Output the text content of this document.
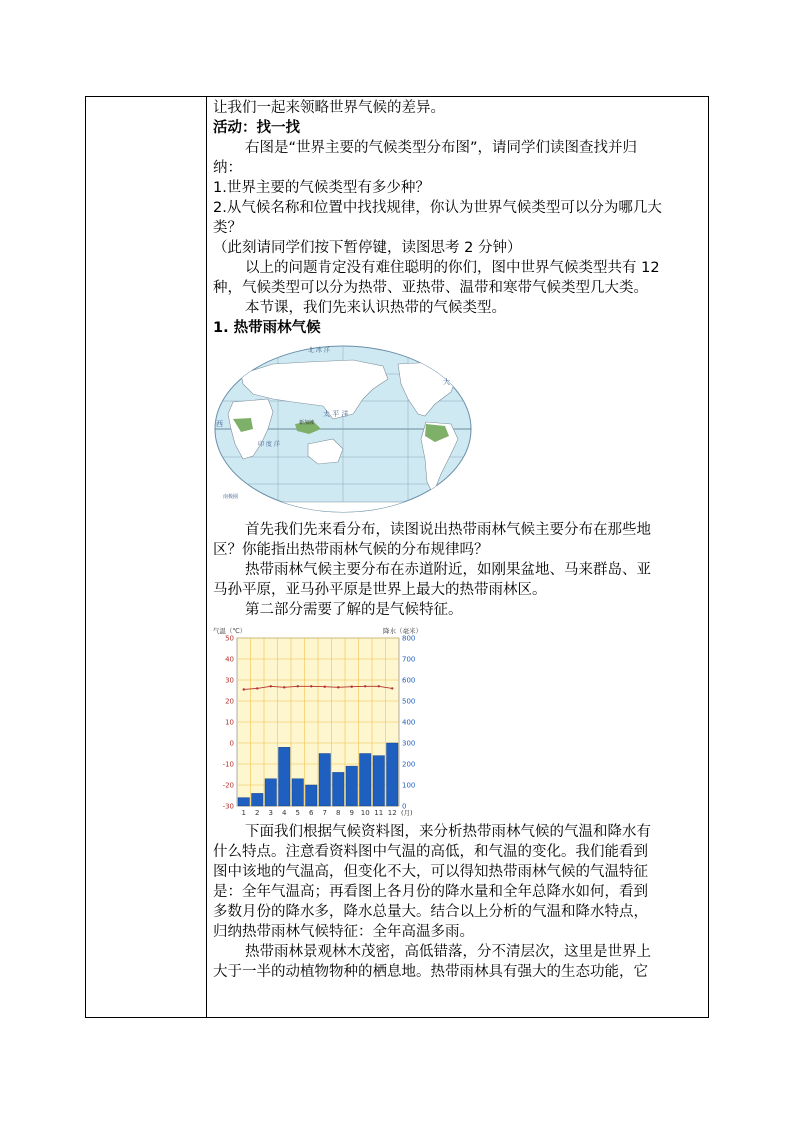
让我们一起来领略世界气候的差异。
活动：找一找
右图是“世界主要的气候类型分布图”，请同学们读图查找并归
纳：
1.世界主要的气候类型有多少种？
2.从气候名称和位置中找找规律，你认为世界气候类型可以分为哪几大
类？
（此刻请同学们按下暂停键，读图思考 2 分钟）
以上的问题肯定没有难住聪明的你们，图中世界气候类型共有 12
种，气候类型可以分为热带、亚热带、温带和寒带气候类型几大类。
本节课，我们先来认识热带的气候类型。
1. 热带雨林气候
北 冰 洋
大
西
太 平 洋
印 度 洋
南极圈
新加坡
首先我们先来看分布，读图说出热带雨林气候主要分布在那些地
区？你能指出热带雨林气候的分布规律吗？
热带雨林气候主要分布在赤道附近，如刚果盆地、马来群岛、亚
马孙平原，亚马孙平原是世界上最大的热带雨林区。
第二部分需要了解的是气候特征。
气温（℃）	降水（毫米）
50	800
40	700
30	600
20	500
10	400
0	300
-10	200
-20	100
-30	0
1 2 3 4 5 6 7 8 9 10 11 12 (月)
下面我们根据气候资料图，来分析热带雨林气候的气温和降水有
什么特点。注意看资料图中气温的高低，和气温的变化。我们能看到
图中该地的气温高，但变化不大，可以得知热带雨林气候的气温特征
是：全年气温高；再看图上各月份的降水量和全年总降水如何，看到
多数月份的降水多，降水总量大。结合以上分析的气温和降水特点，
归纳热带雨林气候特征：全年高温多雨。
热带雨林景观林木茂密，高低错落，分不清层次，这里是世界上
大于一半的动植物物种的栖息地。热带雨林具有强大的生态功能，它
